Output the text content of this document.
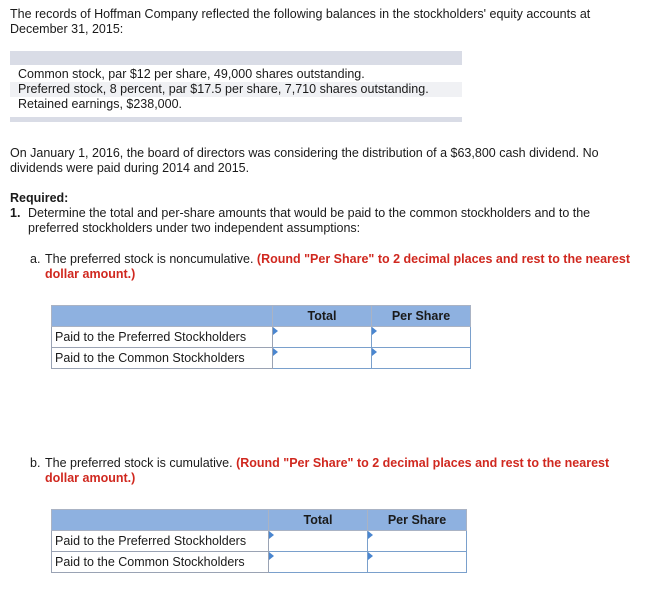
The records of Hoffman Company reflected the following balances in the stockholders' equity accounts at December 31, 2015:
Common stock, par $12 per share, 49,000 shares outstanding.
Preferred stock, 8 percent, par $17.5 per share, 7,710 shares outstanding.
Retained earnings, $238,000.
On January 1, 2016, the board of directors was considering the distribution of a $63,800 cash dividend. No dividends were paid during 2014 and 2015.
Required:
1. Determine the total and per-share amounts that would be paid to the common stockholders and to the preferred stockholders under two independent assumptions:
a. The preferred stock is noncumulative. (Round "Per Share" to 2 decimal places and rest to the nearest dollar amount.)
	Total	Per Share
Paid to the Preferred Stockholders	

Paid to the Common Stockholders	

b. The preferred stock is cumulative. (Round "Per Share" to 2 decimal places and rest to the nearest dollar amount.)
	Total	Per Share
Paid to the Preferred Stockholders	

Paid to the Common Stockholders	
